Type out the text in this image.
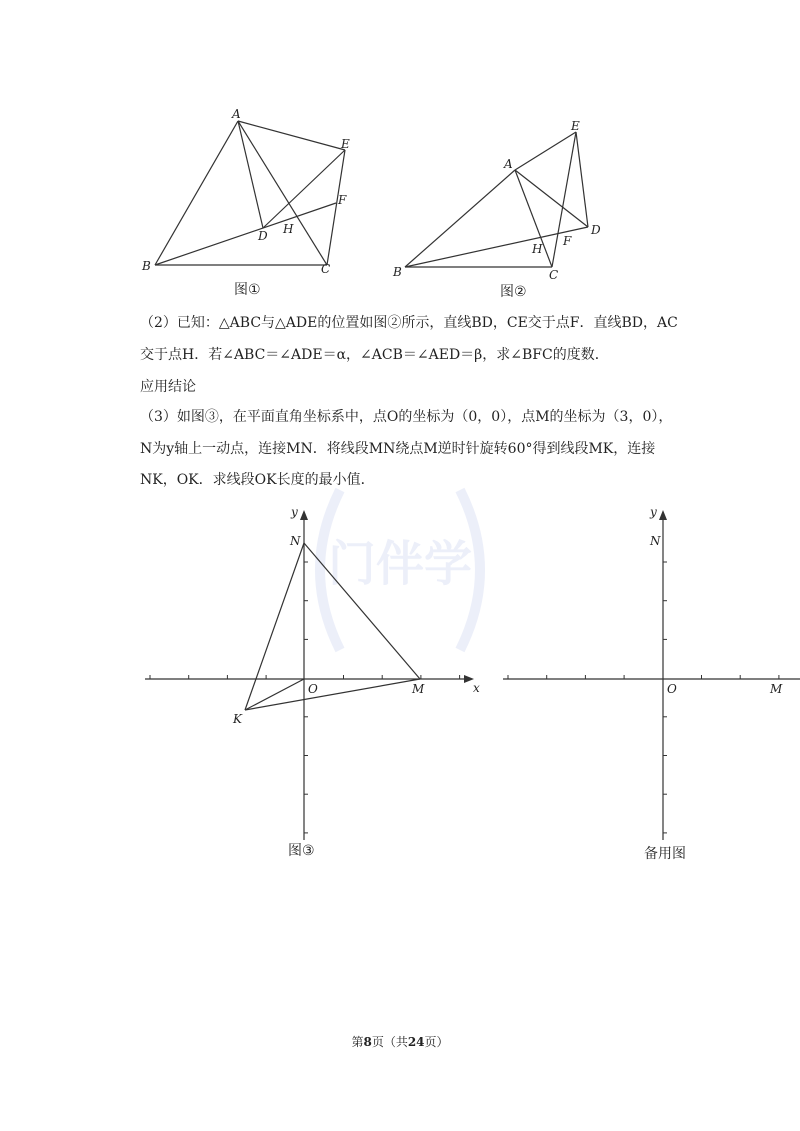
门伴学
A
B	C
D
E
F
H
图①
A
B	C
D
E
F
H
图②
x
y
N
O	M
K
图③
y
N
O	M
备用图
（2）已知：△ABC与△ADE的位置如图②所示，直线BD，CE交于点F．直线BD，AC
交于点H．若∠ABC＝∠ADE＝α，∠ACB＝∠AED＝β，求∠BFC的度数．
应用结论
（3）如图③，在平面直角坐标系中，点O的坐标为（0，0），点M的坐标为（3，0），
N为y轴上一动点，连接MN．将线段MN绕点M逆时针旋转60°得到线段MK，连接
NK，OK．求线段OK长度的最小值．
第8页（共24页）
